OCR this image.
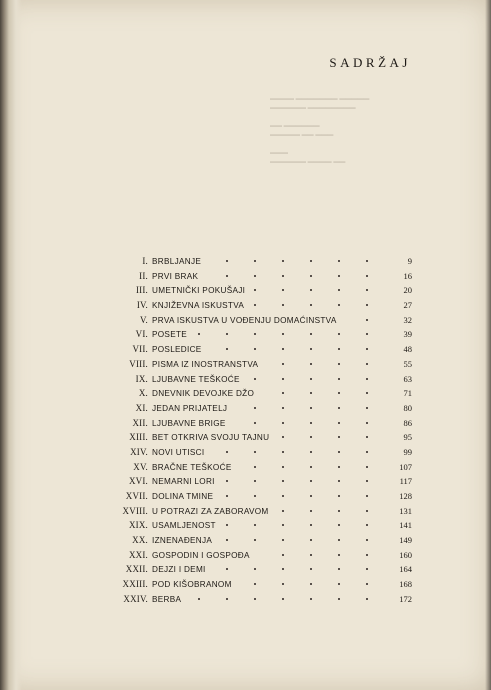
▬▬▬▬ ▬▬▬▬▬▬▬ ▬▬▬▬▬
▬▬▬▬▬▬ ▬▬▬▬▬▬▬▬

▬▬ ▬▬▬▬▬▬
▬▬▬▬▬ ▬▬ ▬▬▬

▬▬▬
▬▬▬▬▬▬ ▬▬▬▬ ▬▬
SADRŽAJ
I. BRBLJANJE	9
II. PRVI BRAK	16
III. UMETNIČKI POKUŠAJI	20
IV. KNJIŽEVNA ISKUSTVA	27
V. PRVA ISKUSTVA U VOĐENJU DOMAĆINSTVA	32
VI. POSETE	39
VII. POSLEDICE	48
VIII. PISMA IZ INOSTRANSTVA	55
IX. LJUBAVNE TEŠKOĆE	63
X. DNEVNIK DEVOJKE DŽO	71
XI. JEDAN PRIJATELJ	80
XII. LJUBAVNE BRIGE	86
XIII. BET OTKRIVA SVOJU TAJNU	95
XIV. NOVI UTISCI	99
XV. BRAČNE TEŠKOĆE	107
XVI. NEMARNI LORI	117
XVII. DOLINA TMINE	128
XVIII. U POTRAZI ZA ZABORAVOM	131
XIX. USAMLJENOST	141
XX. IZNENAĐENJA	149
XXI. GOSPODIN I GOSPOĐA	160
XXII. DEJZI I DEMI	164
XXIII. POD KIŠOBRANOM	168
XXIV. BERBA	172
